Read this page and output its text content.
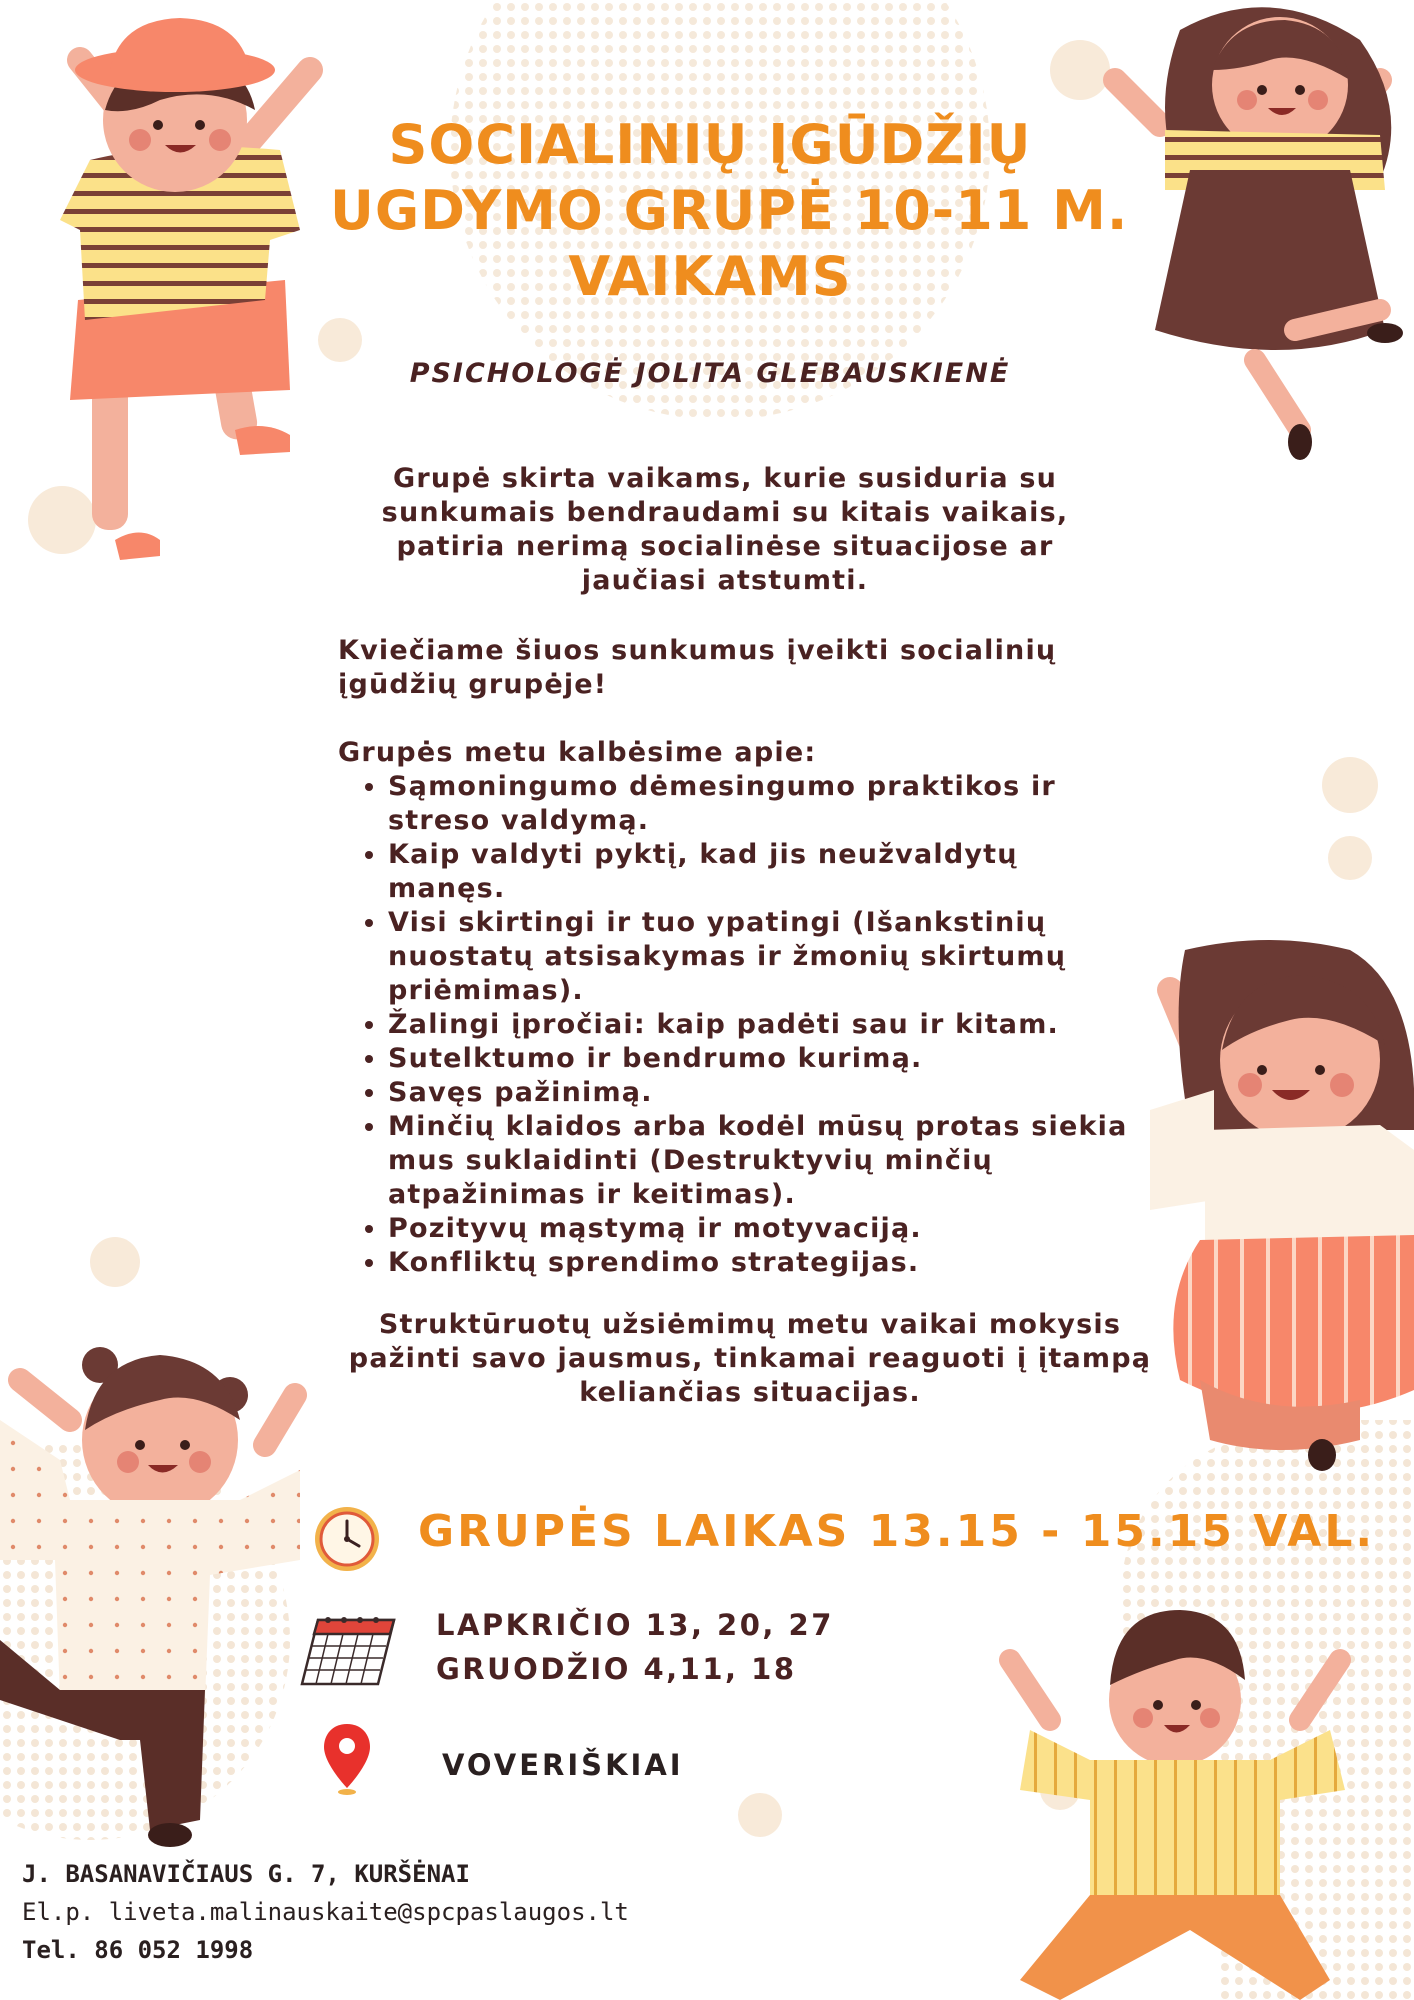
SOCIALINIŲ ĮGŪDŽIŲ
UGDYMO GRUPĖ 10-11 M.
VAIKAMS
PSICHOLOGĖ JOLITA GLEBAUSKIENĖ
Grupė skirta vaikams, kurie susiduria su sunkumais bendraudami su kitais vaikais, patiria nerimą socialinėse situacijose ar jaučiasi atstumti.
Kviečiame šiuos sunkumus įveikti socialinių įgūdžių grupėje!
Grupės metu kalbėsime apie:
• Sąmoningumo dėmesingumo praktikos ir streso valdymą.
• Kaip valdyti pyktį, kad jis neužvaldytų manęs.
• Visi skirtingi ir tuo ypatingi (Išankstinių nuostatų atsisakymas ir žmonių skirtumų priėmimas).
• Žalingi įpročiai: kaip padėti sau ir kitam.
• Sutelktumo ir bendrumo kurimą.
• Savęs pažinimą.
• Minčių klaidos arba kodėl mūsų protas siekia mus suklaidinti (Destruktyvių minčių atpažinimas ir keitimas).
• Pozityvų mąstymą ir motyvaciją.
• Konfliktų sprendimo strategijas.
Struktūruotų užsiėmimų metu vaikai mokysis pažinti savo jausmus, tinkamai reaguoti į įtampą keliančias situacijas.
GRUPĖS LAIKAS 13.15 - 15.15 VAL.
LAPKRIČIO 13, 20, 27
GRUODŽIO 4,11, 18
VOVERIŠKIAI
J. BASANAVIČIAUS G. 7, KURŠĖNAI
El.p. liveta.malinauskaite@spcpaslaugos.lt
Tel. 86 052 1998
